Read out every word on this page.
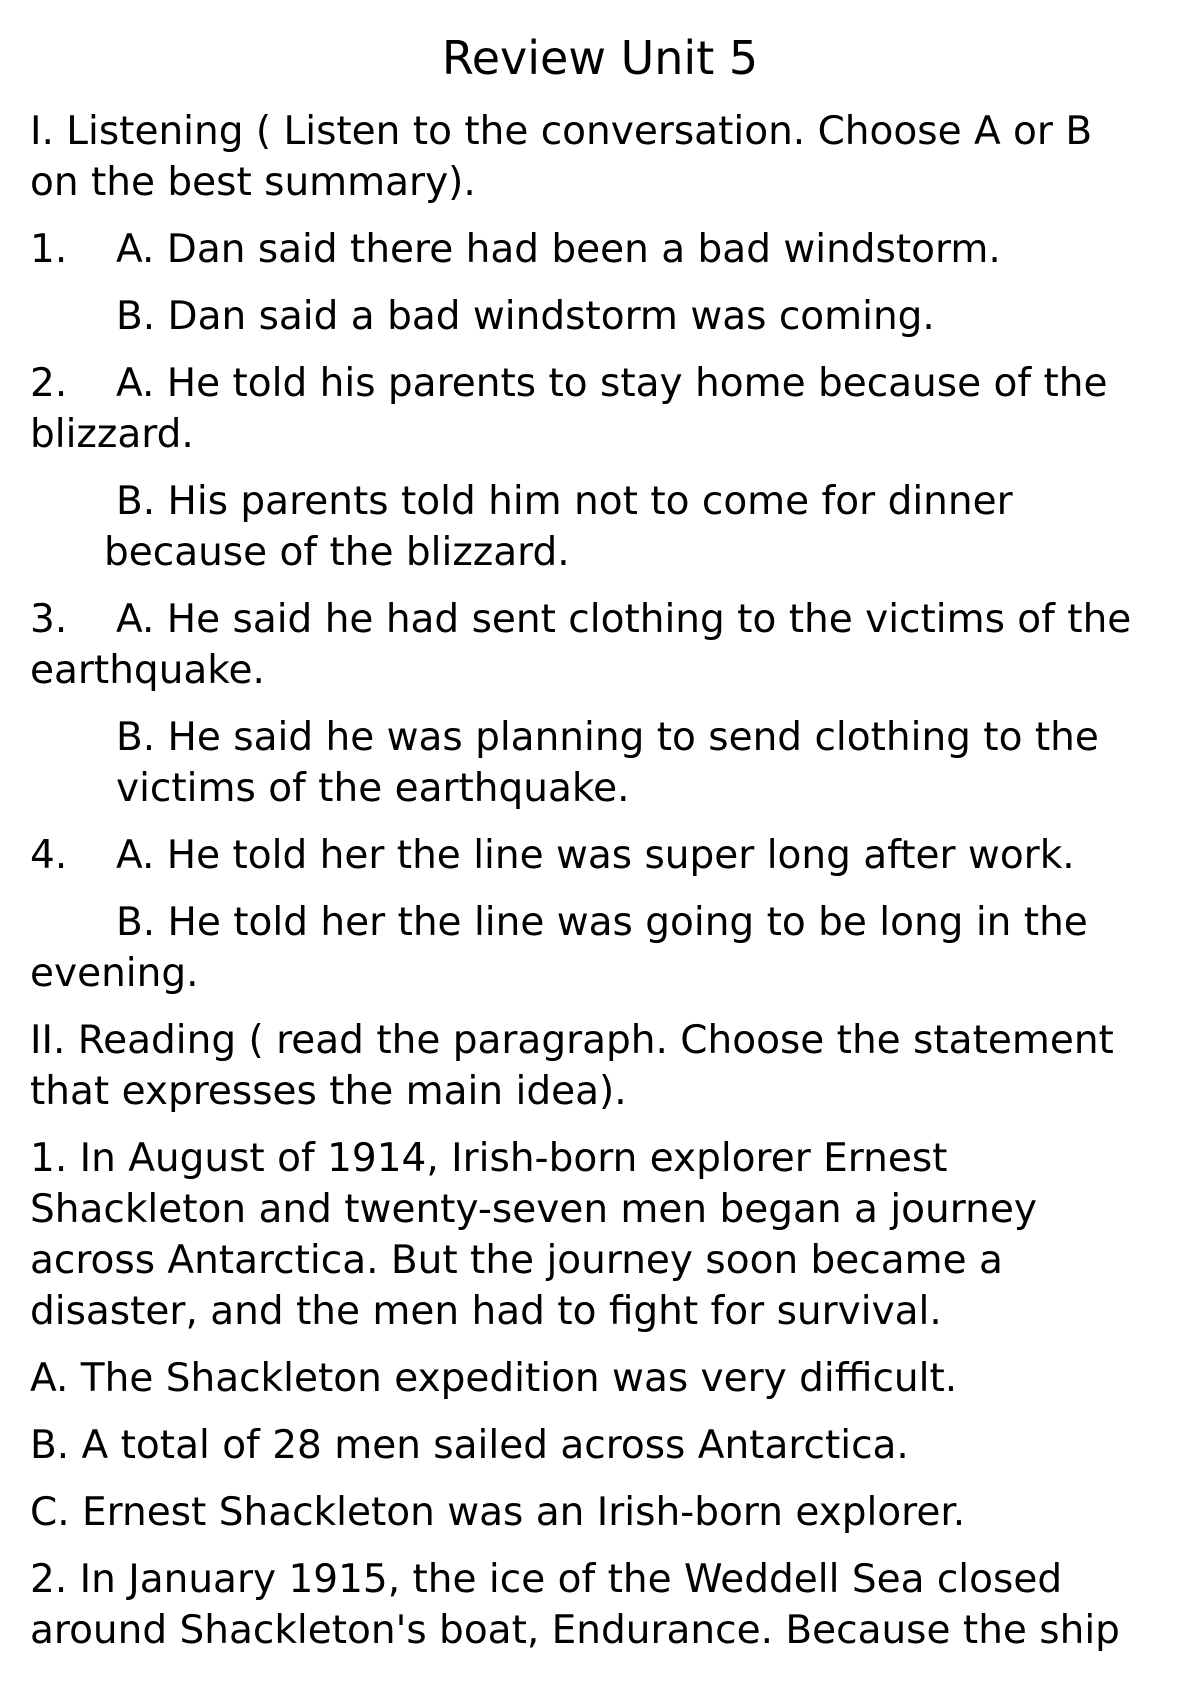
Review Unit 5

I. Listening ( Listen to the conversation. Choose A or B

on the best summary).

1. A. Dan said there had been a bad windstorm.

B. Dan said a bad windstorm was coming.

2. A. He told his parents to stay home because of the

blizzard.

B. His parents told him not to come for dinner

because of the blizzard.

3. A. He said he had sent clothing to the victims of the

earthquake.

B. He said he was planning to send clothing to the

victims of the earthquake.

4. A. He told her the line was super long after work.

B. He told her the line was going to be long in the

evening.

II. Reading ( read the paragraph. Choose the statement

that expresses the main idea).

1. In August of 1914, Irish-born explorer Ernest

Shackleton and twenty-seven men began a journey

across Antarctica. But the journey soon became a

disaster, and the men had to fight for survival.

A. The Shackleton expedition was very difficult.

B. A total of 28 men sailed across Antarctica.

C. Ernest Shackleton was an Irish-born explorer.

2. In January 1915, the ice of the Weddell Sea closed

around Shackleton's boat, Endurance. Because the ship
